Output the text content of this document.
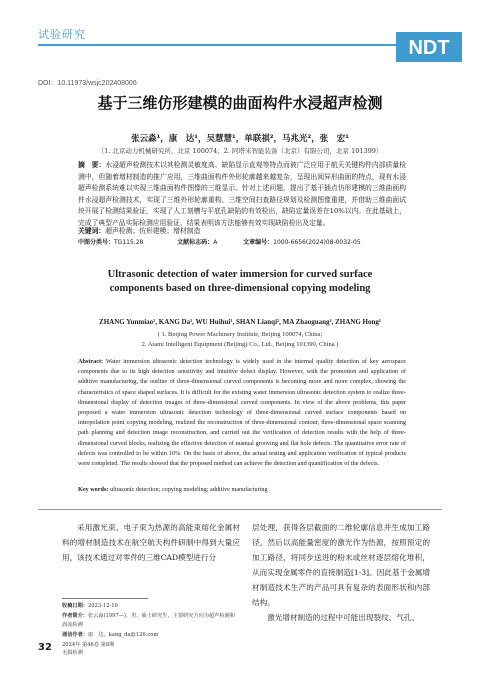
试验研究
NDT
DOI：10.11973/wsjc202408006
基于三维仿形建模的曲面构件水浸超声检测
张云淼¹，康　达¹，吴慧慧¹，单联祺²，马兆光²，张　宏¹
（1. 北京动力机械研究所，北京 100074；2. 阿塔米智能装备（北京）有限公司，北京 101399）
摘　要：水浸超声检测技术以其检测灵敏度高、缺陷显示直观等特点而被广泛应用于航天关键构件内部质量检测中，但随着增材制造的推广应用，三维曲面构件外形轮廓越来越复杂，呈现出阅异形曲面的特点，现有水浸超声检测系统难以实现三维曲面构件图像的三维显示。针对上述问题，提出了基于插点仿形建模的三维曲面构件水浸超声检测技术，实现了三维外形轮廓重构、三维空间扫查路径规划及检测图像重建，并借助三维曲面试块开展了检测结果验证，实现了人工刻槽与平底孔缺陷的有效检出，缺陷定量误差在10%以内。在此基础上，完成了典型产品实际检测应用验证，结果表明该方法能够有效实现缺陷检出及定量。
关键词：超声检测；仿形建模；增材制造
中图分类号：TG115.28	文献标志码：A	文章编号：1000-6656(2024)08-0032-05
Ultrasonic detection of water immersion for curved surface components based on three-dimensional copying modeling
ZHANG Yunmiao¹, KANG Da¹, WU Huihui¹, SHAN Lianqi², MA Zhaoguang², ZHANG Hong¹
( 1. Beijing Power Machinery Institute, Beijing 100074, China;
2. Atami Intelligent Equipment (Beijing) Co., Ltd., Beijing 101399, China )
Abstract: Water immersion ultrasonic detection technology is widely used in the internal quality detection of key aerospace components due to its high detection sensitivity and intuitive defect display. However, with the promotion and application of additive manufacturing, the outline of three-dimensional curved components is becoming more and more complex, showing the characteristics of space shaped surfaces. It is difficult for the existing water immersion ultrasonic detection system to realize three-dimensional display of detection images of three-dimensional curved components. In view of the above problems, this paper proposed a water immersion ultrasonic detection technology of three-dimensional curved surface components based on interpolation point copying modeling, realized the reconstruction of three-dimensional contour, three-dimensional space scanning path planning and detection image reconstruction, and carried out the verification of detection results with the help of three-dimensional curved blocks, realizing the effective detection of manual grooving and flat hole defects. The quantitative error rate of defects was controlled to be within 10%. On the basis of above, the actual testing and application verification of typical products were completed. The results showed that the proposed method can achieve the detection and quantification of the defects.
Key words: ultrasonic detection; copying modeling; additive manufacturing
采用激光束、电子束为热源的高能束熔化金属材料的增材制造技术在航空航天构件研制中得到大量应用，该技术通过对零件的三维CAD模型进行分
层处理，获得各层截面的二维轮廓信息并生成加工路径，然后以高能量密度的激光作为热源，按照预定的加工路径，将同步送进的粉末或丝材逐层熔化堆积，从而实现金属零件的直接制造[1-3]。因此基于金属增材制造技术生产的产品可具有复杂的表面形状和内部结构。
　　激光增材制造的过程中可能出现裂纹、气孔、
收稿日期：2023-12-10
作者简介：张云淼(1997—)，男，硕士研究生，主要研究方向为超声检测和涡流检测
通信作者：康　达，kang_da@126.com
32 2024年 第46卷 第8期
无损检测
